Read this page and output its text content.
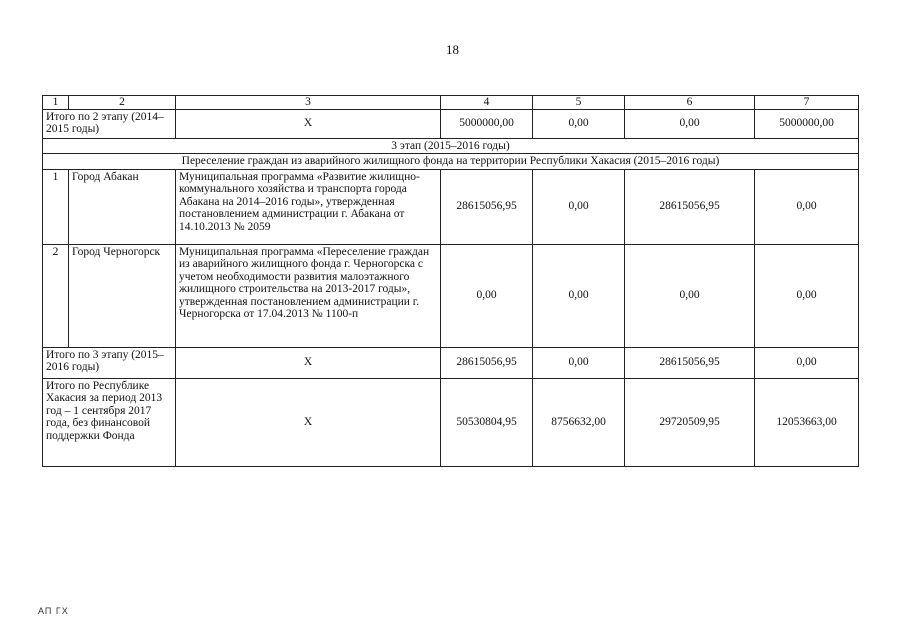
18
1	2	3	4	5	6	7
Итого по 2 этапу (2014–2015 годы)		Х	5000000,00	0,00	0,00	5000000,00
3 этап (2015–2016 годы)						
Переселение граждан из аварийного жилищного фонда на территории Республики Хакасия (2015–2016 годы)						
1	Город Абакан	Муниципальная программа «Развитие жилищно-коммунального хозяйства и транспорта города Абакана на 2014–2016 годы», утвержденная постановлением администрации г. Абакана от 14.10.2013 № 2059	28615056,95	0,00	28615056,95	0,00
2	Город Черногорск	Муниципальная программа «Переселение граждан из аварийного жилищного фонда г. Черногорска с учетом необходимости развития малоэтажного жилищного строительства на 2013-2017 годы», утвержденная постановлением администрации г. Черногорска от 17.04.2013 № 1100-п	0,00	0,00	0,00	0,00
Итого по 3 этапу (2015–2016 годы)		Х	28615056,95	0,00	28615056,95	0,00
Итого по Республике Хакасия за период 2013 год – 1 сентября 2017 года, без финансовой поддержки Фонда		Х	50530804,95	8756632,00	29720509,95	12053663,00
АП ГХ
